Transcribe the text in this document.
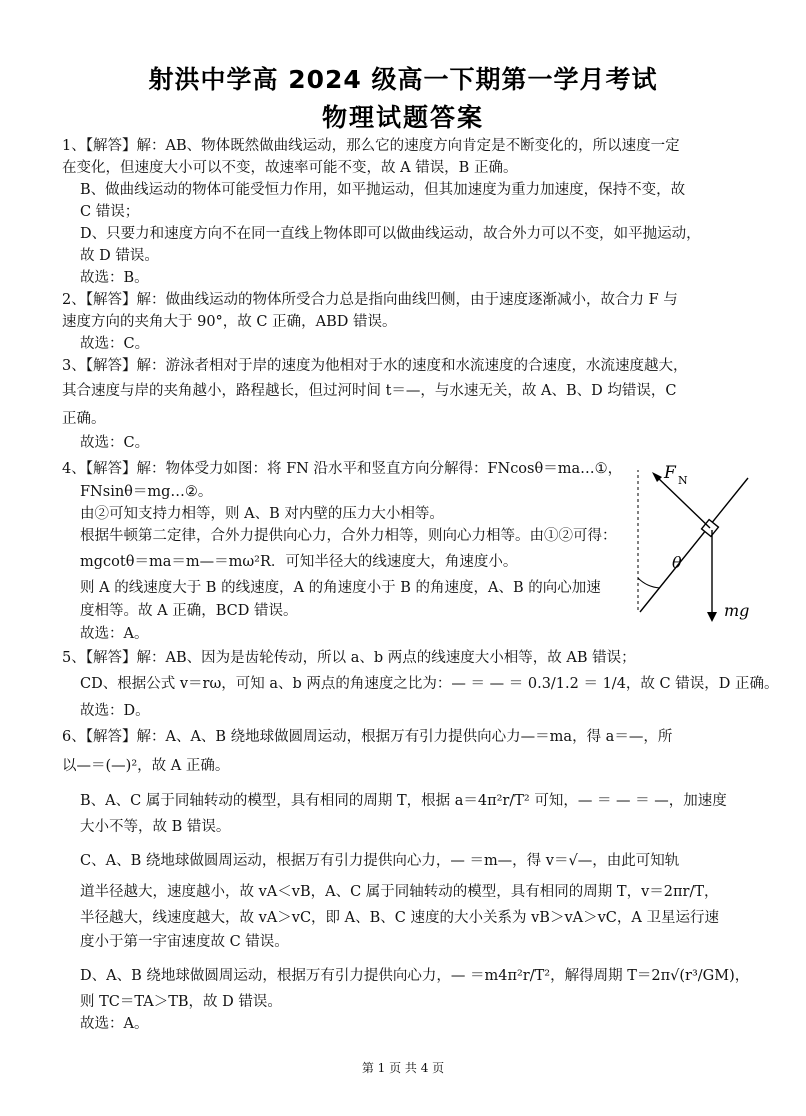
射洪中学高 2024 级高一下期第一学月考试
物理试题答案
1、【解答】解：AB、物体既然做曲线运动，那么它的速度方向肯定是不断变化的，所以速度一定
在变化，但速度大小可以不变，故速率可能不变，故 A 错误，B 正确。
B、做曲线运动的物体可能受恒力作用，如平抛运动，但其加速度为重力加速度，保持不变，故
C 错误；
D、只要力和速度方向不在同一直线上物体即可以做曲线运动，故合外力可以不变，如平抛运动，
故 D 错误。
故选：B。
2、【解答】解：做曲线运动的物体所受合力总是指向曲线凹侧，由于速度逐渐减小，故合力 F 与
速度方向的夹角大于 90°，故 C 正确，ABD 错误。
故选：C。
3、【解答】解：游泳者相对于岸的速度为他相对于水的速度和水流速度的合速度，水流速度越大，
其合速度与岸的夹角越小，路程越长，但过河时间 t＝—，与水速无关，故 A、B、D 均错误，C
正确。
故选：C。
4、【解答】解：物体受力如图：将 FN 沿水平和竖直方向分解得：FNcosθ＝ma…①，
FNsinθ＝mg…②。
由②可知支持力相等，则 A、B 对内壁的压力大小相等。
根据牛顿第二定律，合外力提供向心力，合外力相等，则向心力相等。由①②可得：
mgcotθ＝ma＝m—＝mω²R．可知半径大的线速度大，角速度小。
则 A 的线速度大于 B 的线速度，A 的角速度小于 B 的角速度，A、B 的向心加速
度相等。故 A 正确，BCD 错误。
故选：A。
5、【解答】解：AB、因为是齿轮传动，所以 a、b 两点的线速度大小相等，故 AB 错误；
CD、根据公式 v＝rω，可知 a、b 两点的角速度之比为：— ＝ — ＝ 0.3/1.2 ＝ 1/4，故 C 错误，D 正确。
故选：D。
6、【解答】解：A、A、B 绕地球做圆周运动，根据万有引力提供向心力—＝ma，得 a＝—，所
以—＝(—)²，故 A 正确。
B、A、C 属于同轴转动的模型，具有相同的周期 T，根据 a＝4π²r/T² 可知，— ＝ — ＝ —，加速度
大小不等，故 B 错误。
C、A、B 绕地球做圆周运动，根据万有引力提供向心力，— ＝m—，得 v＝√—，由此可知轨
道半径越大，速度越小，故 vA＜vB，A、C 属于同轴转动的模型，具有相同的周期 T，v＝2πr/T，
半径越大，线速度越大，故 vA＞vC，即 A、B、C 速度的大小关系为 vB＞vA＞vC，A 卫星运行速
度小于第一宇宙速度故 C 错误。
D、A、B 绕地球做圆周运动，根据万有引力提供向心力，— ＝m4π²r/T²，解得周期 T＝2π√(r³/GM)，
则 TC＝TA＞TB，故 D 错误。
故选：A。
F N
θ
mg
第 1 页 共 4 页
